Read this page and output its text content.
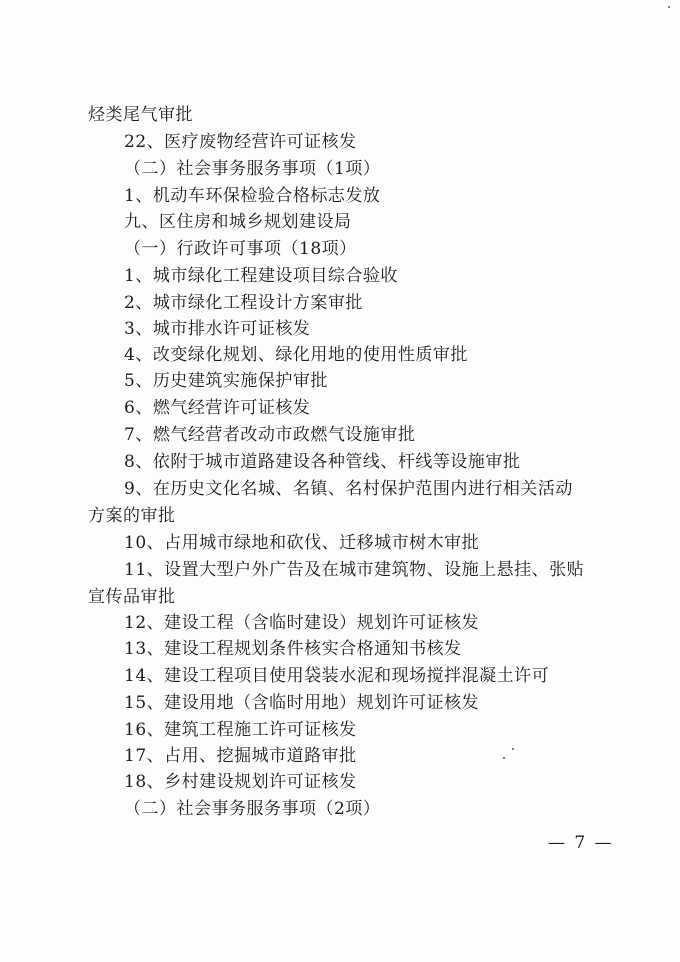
烃类尾气审批
22、医疗废物经营许可证核发
（二）社会事务服务事项（1项）
1、机动车环保检验合格标志发放
九、区住房和城乡规划建设局
（一）行政许可事项（18项）
1、城市绿化工程建设项目综合验收
2、城市绿化工程设计方案审批
3、城市排水许可证核发
4、改变绿化规划、绿化用地的使用性质审批
5、历史建筑实施保护审批
6、燃气经营许可证核发
7、燃气经营者改动市政燃气设施审批
8、依附于城市道路建设各种管线、杆线等设施审批
9、在历史文化名城、名镇、名村保护范围内进行相关活动
方案的审批
10、占用城市绿地和砍伐、迁移城市树木审批
11、设置大型户外广告及在城市建筑物、设施上悬挂、张贴
宣传品审批
12、建设工程（含临时建设）规划许可证核发
13、建设工程规划条件核实合格通知书核发
14、建设工程项目使用袋装水泥和现场搅拌混凝土许可
15、建设用地（含临时用地）规划许可证核发
16、建筑工程施工许可证核发
17、占用、挖掘城市道路审批
18、乡村建设规划许可证核发
（二）社会事务服务事项（2项）
— 7 —
